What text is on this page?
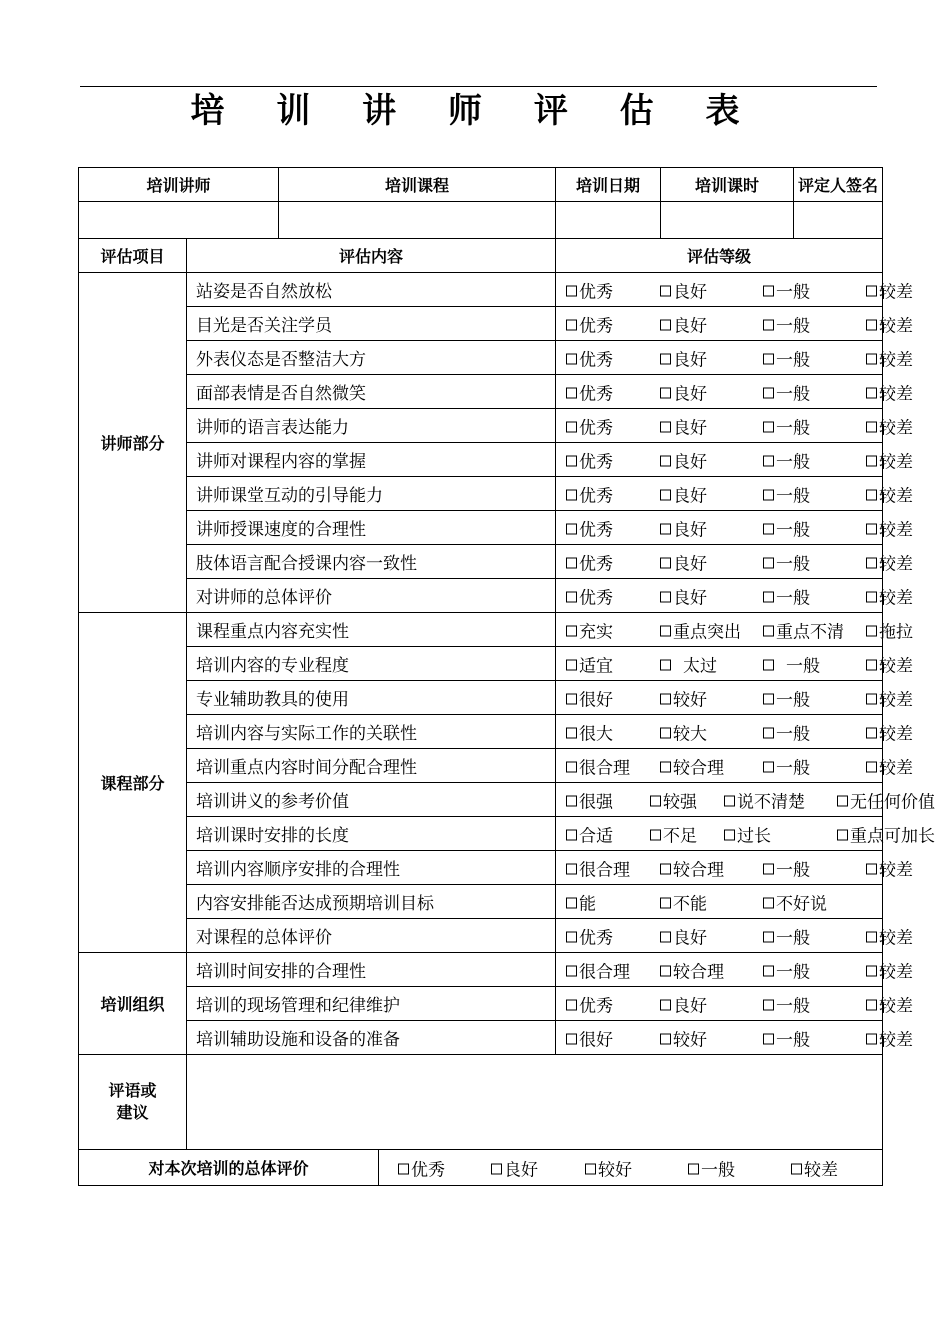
培 训 讲 师 评 估 表
培训讲师		培训课程		培训日期	培训课时	评定人签名

评估项目	评估内容			评估等级		
讲师部分	站姿是否自然放松			优秀 良好 一般 较差		

	目光是否关注学员			优秀 良好 一般 较差		

	外表仪态是否整洁大方			优秀 良好 一般 较差		

	面部表情是否自然微笑			优秀 良好 一般 较差		

	讲师的语言表达能力			优秀 良好 一般 较差		

	讲师对课程内容的掌握			优秀 良好 一般 较差		

	讲师课堂互动的引导能力			优秀 良好 一般 较差		

	讲师授课速度的合理性			优秀 良好 一般 较差		

	肢体语言配合授课内容一致性			优秀 良好 一般 较差		

	对讲师的总体评价			优秀 良好 一般 较差		

课程部分	课程重点内容充实性			充实 重点突出 重点不清 拖拉		

	培训内容的专业程度			适宜 太过 一般 较差		

	专业辅助教具的使用			很好 较好 一般 较差		

	培训内容与实际工作的关联性			很大 较大 一般 较差		

	培训重点内容时间分配合理性			很合理 较合理 一般 较差		

	培训讲义的参考价值			很强 较强 说不清楚 无任何价值		

	培训课时安排的长度			合适 不足 过长 重点可加长		

	培训内容顺序安排的合理性			很合理 较合理 一般 较差		

	内容安排能否达成预期培训目标			能 不能 不好说		

	对课程的总体评价			优秀 良好 一般 较差		

培训组织	培训时间安排的合理性			很合理 较合理 一般 较差		

	培训的现场管理和纪律维护			优秀 良好 一般 较差		

	培训辅助设施和设备的准备			很好 较好 一般 较差		

评语或
建议						
对本次培训的总体评价			优秀 良好 较好 一般 较差			
